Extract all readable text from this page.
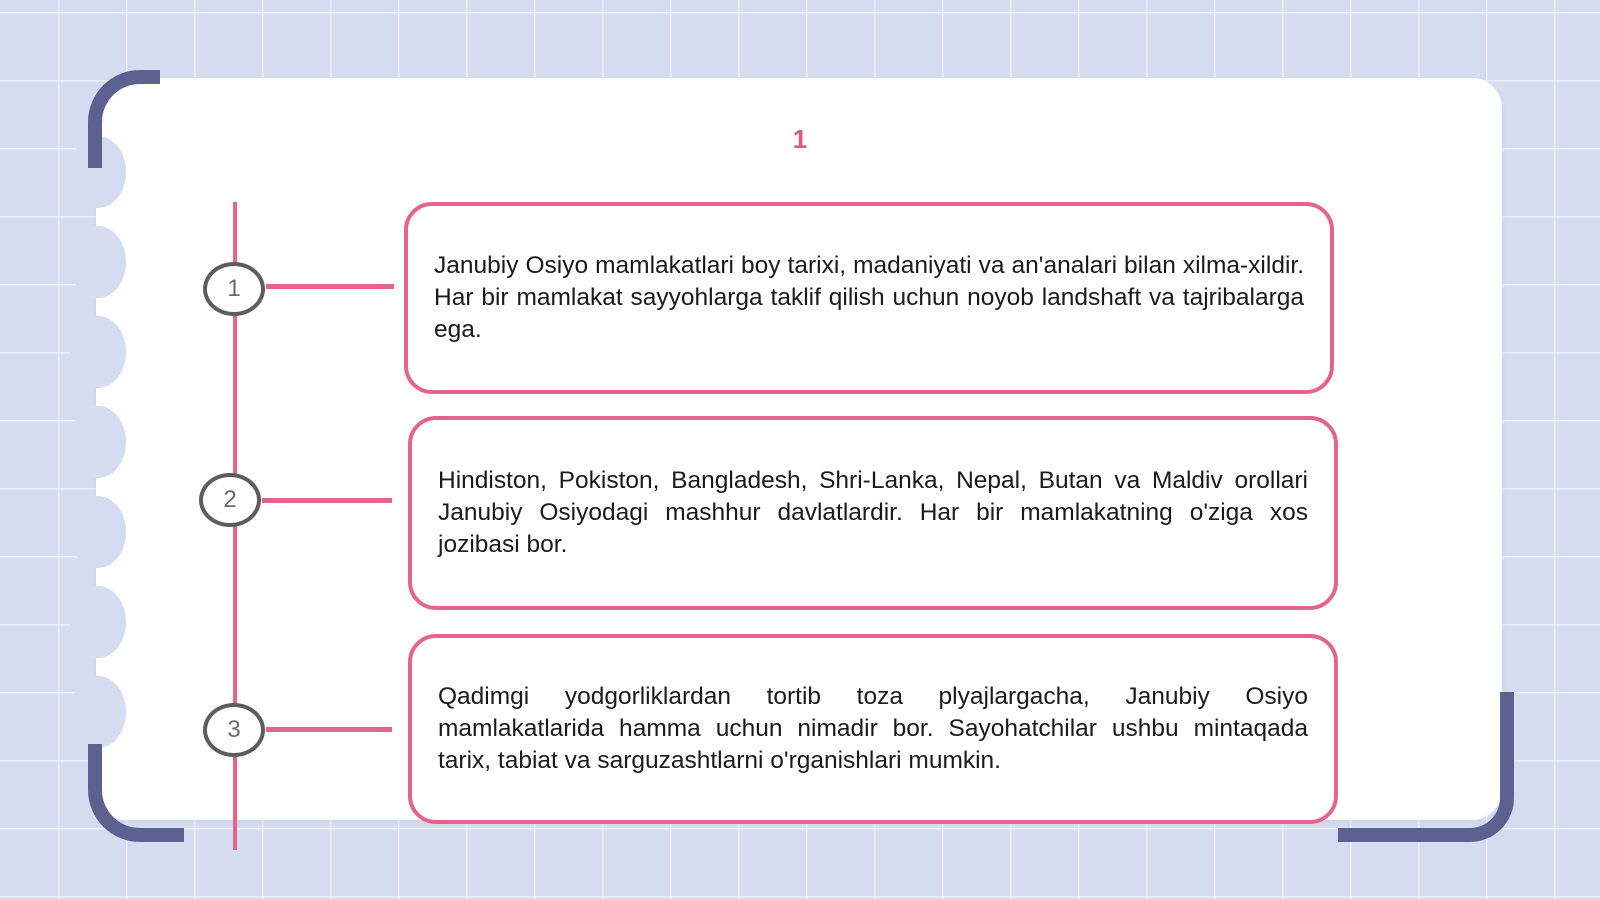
1
1
2
3

Janubiy Osiyo mamlakatlari boy tarixi, madaniyati va an'analari bilan xilma-xildir. Har bir mamlakat sayyohlarga taklif qilish uchun noyob landshaft va tajribalarga ega.

Hindiston, Pokiston, Bangladesh, Shri-Lanka, Nepal, Butan va Maldiv orollari Janubiy Osiyodagi mashhur davlatlardir. Har bir mamlakatning o'ziga xos jozibasi bor.

Qadimgi yodgorliklardan tortib toza plyajlargacha, Janubiy Osiyo mamlakatlarida hamma uchun nimadir bor. Sayohatchilar ushbu mintaqada tarix, tabiat va sarguzashtlarni o'rganishlari mumkin.
